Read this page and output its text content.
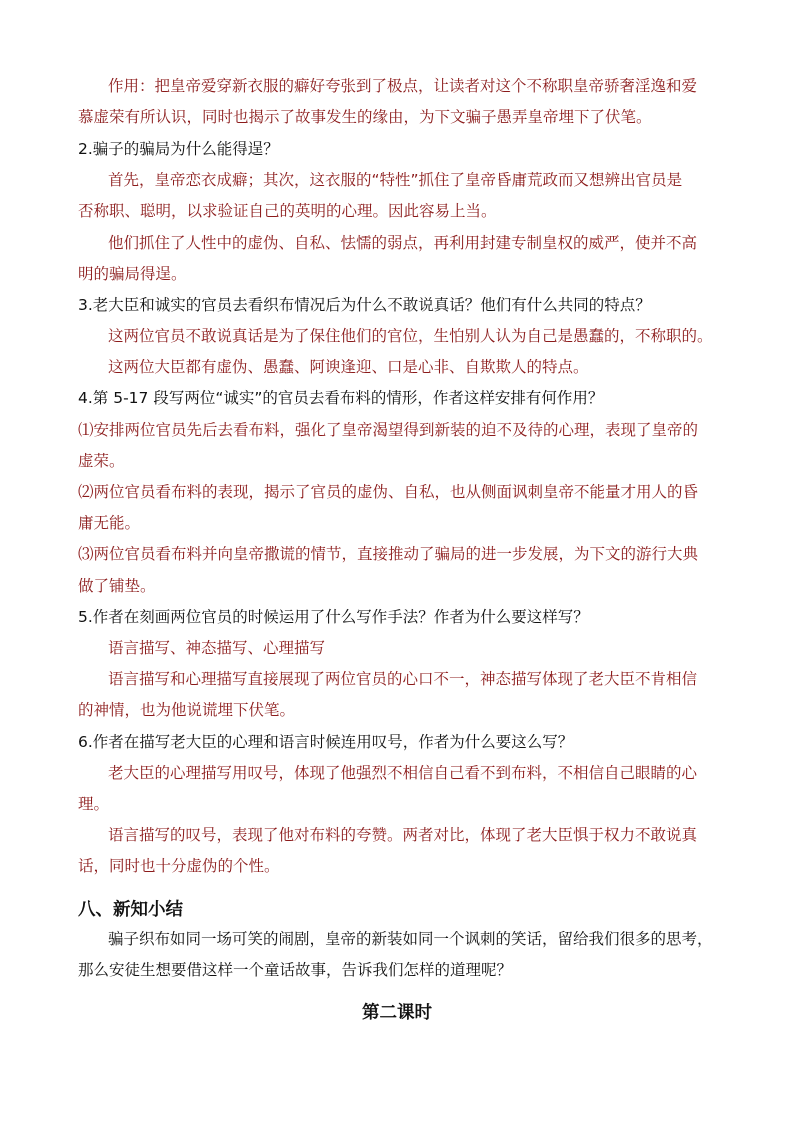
作用：把皇帝爱穿新衣服的癖好夸张到了极点，让读者对这个不称职皇帝骄奢淫逸和爱
慕虚荣有所认识，同时也揭示了故事发生的缘由，为下文骗子愚弄皇帝埋下了伏笔。
2.骗子的骗局为什么能得逞？
首先，皇帝恋衣成癖；其次，这衣服的“特性”抓住了皇帝昏庸荒政而又想辨出官员是
否称职、聪明，以求验证自己的英明的心理。因此容易上当。
他们抓住了人性中的虚伪、自私、怯懦的弱点，再利用封建专制皇权的威严，使并不高
明的骗局得逞。
3.老大臣和诚实的官员去看织布情况后为什么不敢说真话？他们有什么共同的特点？
这两位官员不敢说真话是为了保住他们的官位，生怕别人认为自己是愚蠢的，不称职的。
这两位大臣都有虚伪、愚蠢、阿谀逢迎、口是心非、自欺欺人的特点。
4.第 5-17 段写两位“诚实”的官员去看布料的情形，作者这样安排有何作用？
⑴安排两位官员先后去看布料，强化了皇帝渴望得到新装的迫不及待的心理，表现了皇帝的
虚荣。
⑵两位官员看布料的表现，揭示了官员的虚伪、自私，也从侧面讽刺皇帝不能量才用人的昏
庸无能。
⑶两位官员看布料并向皇帝撒谎的情节，直接推动了骗局的进一步发展，为下文的游行大典
做了铺垫。
5.作者在刻画两位官员的时候运用了什么写作手法？作者为什么要这样写？
语言描写、神态描写、心理描写
语言描写和心理描写直接展现了两位官员的心口不一，神态描写体现了老大臣不肯相信
的神情，也为他说谎埋下伏笔。
6.作者在描写老大臣的心理和语言时候连用叹号，作者为什么要这么写？
老大臣的心理描写用叹号，体现了他强烈不相信自己看不到布料，不相信自己眼睛的心
理。
语言描写的叹号，表现了他对布料的夸赞。两者对比，体现了老大臣惧于权力不敢说真
话，同时也十分虚伪的个性。
八、新知小结
骗子织布如同一场可笑的闹剧，皇帝的新装如同一个讽刺的笑话，留给我们很多的思考，
那么安徒生想要借这样一个童话故事，告诉我们怎样的道理呢？
第二课时
